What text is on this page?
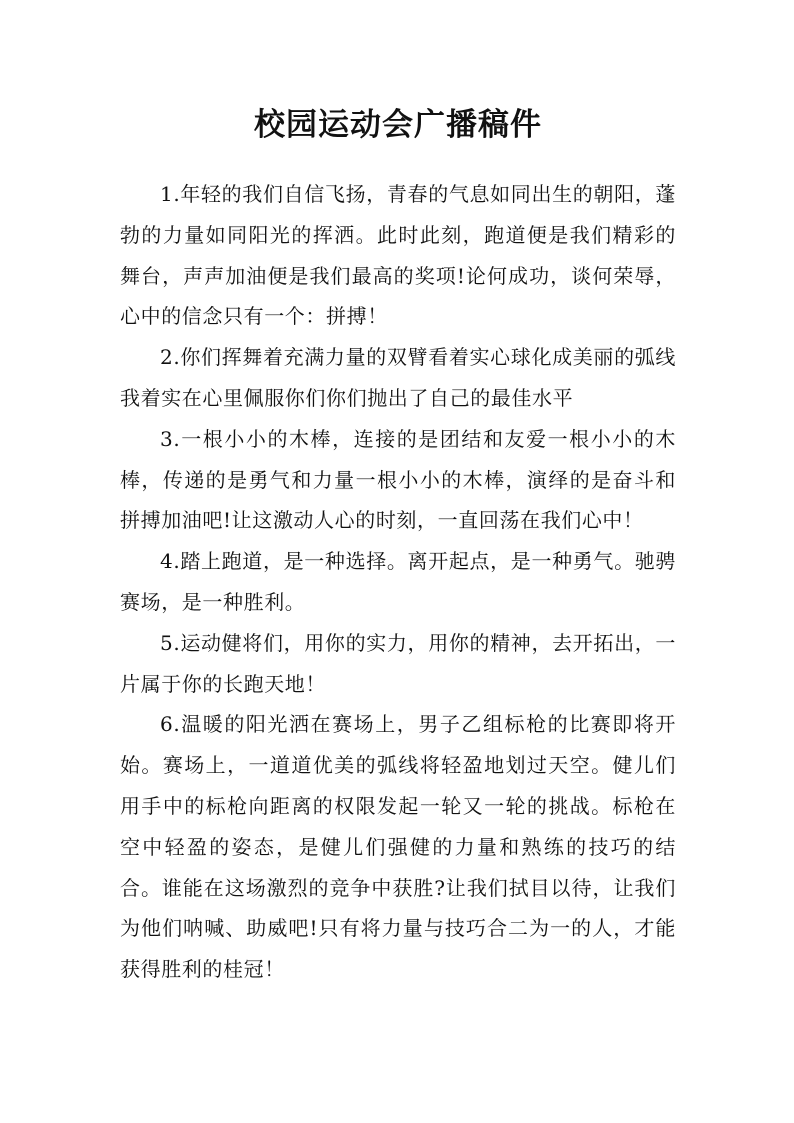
校园运动会广播稿件

1.年轻的我们自信飞扬，青春的气息如同出生的朝阳，蓬勃的力量如同阳光的挥洒。此时此刻，跑道便是我们精彩的舞台，声声加油便是我们最高的奖项!论何成功，谈何荣辱，心中的信念只有一个：拼搏！

2.你们挥舞着充满力量的双臂看着实心球化成美丽的弧线我着实在心里佩服你们你们抛出了自己的最佳水平

3.一根小小的木棒，连接的是团结和友爱一根小小的木棒，传递的是勇气和力量一根小小的木棒，演绎的是奋斗和拼搏加油吧!让这激动人心的时刻，一直回荡在我们心中！

4.踏上跑道，是一种选择。离开起点，是一种勇气。驰骋赛场，是一种胜利。

5.运动健将们，用你的实力，用你的精神，去开拓出，一片属于你的长跑天地！

6.温暖的阳光洒在赛场上，男子乙组标枪的比赛即将开始。赛场上，一道道优美的弧线将轻盈地划过天空。健儿们用手中的标枪向距离的权限发起一轮又一轮的挑战。标枪在空中轻盈的姿态，是健儿们强健的力量和熟练的技巧的结合。谁能在这场激烈的竞争中获胜?让我们拭目以待，让我们为他们呐喊、助威吧!只有将力量与技巧合二为一的人，才能获得胜利的桂冠！
